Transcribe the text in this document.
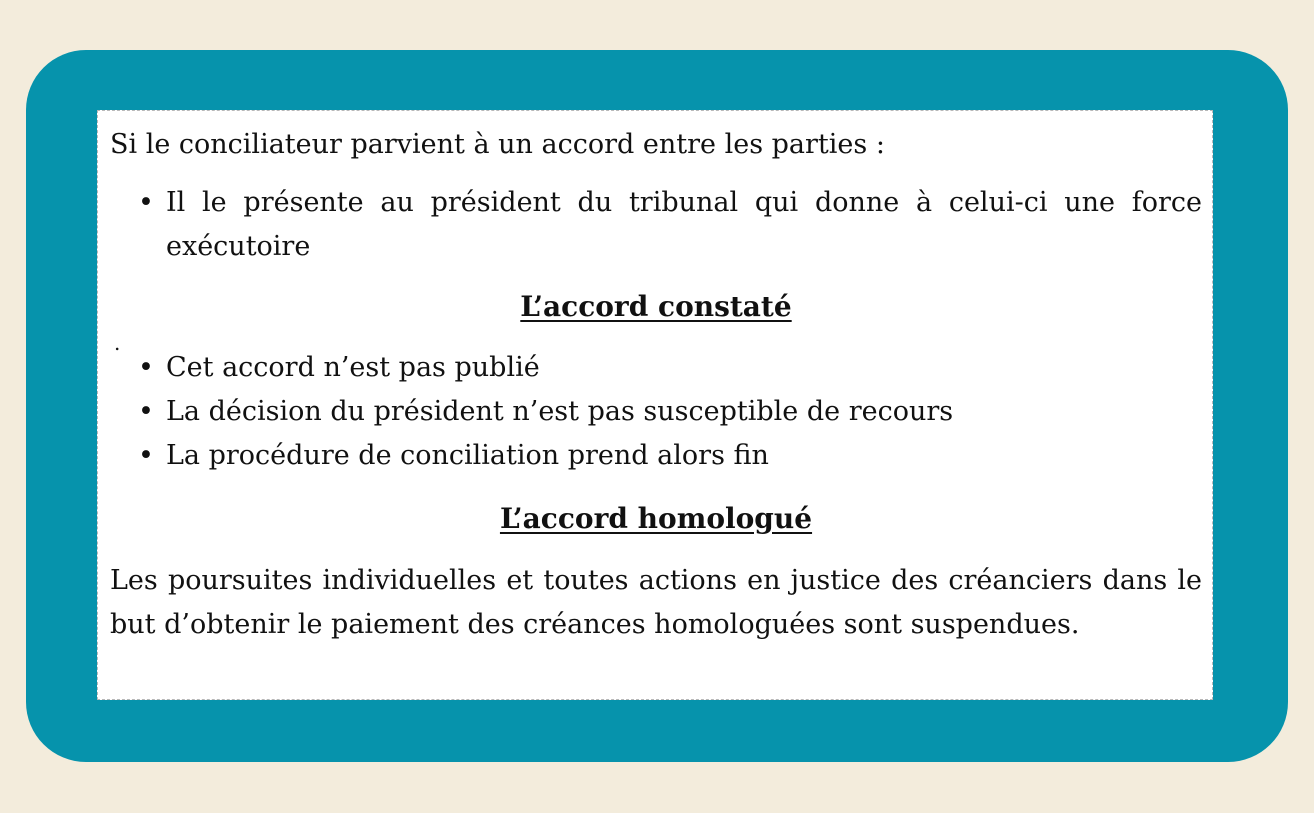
Si le conciliateur parvient à un accord entre les parties :

• Il le présente au président du tribunal qui donne à celui-ci une force exécutoire
L’accord constaté
.
• Cet accord n’est pas publié
• La décision du président n’est pas susceptible de recours
• La procédure de conciliation prend alors fin
L’accord homologué

Les poursuites individuelles et toutes actions en justice des créanciers dans le but d’obtenir le paiement des créances homologuées sont suspendues.
